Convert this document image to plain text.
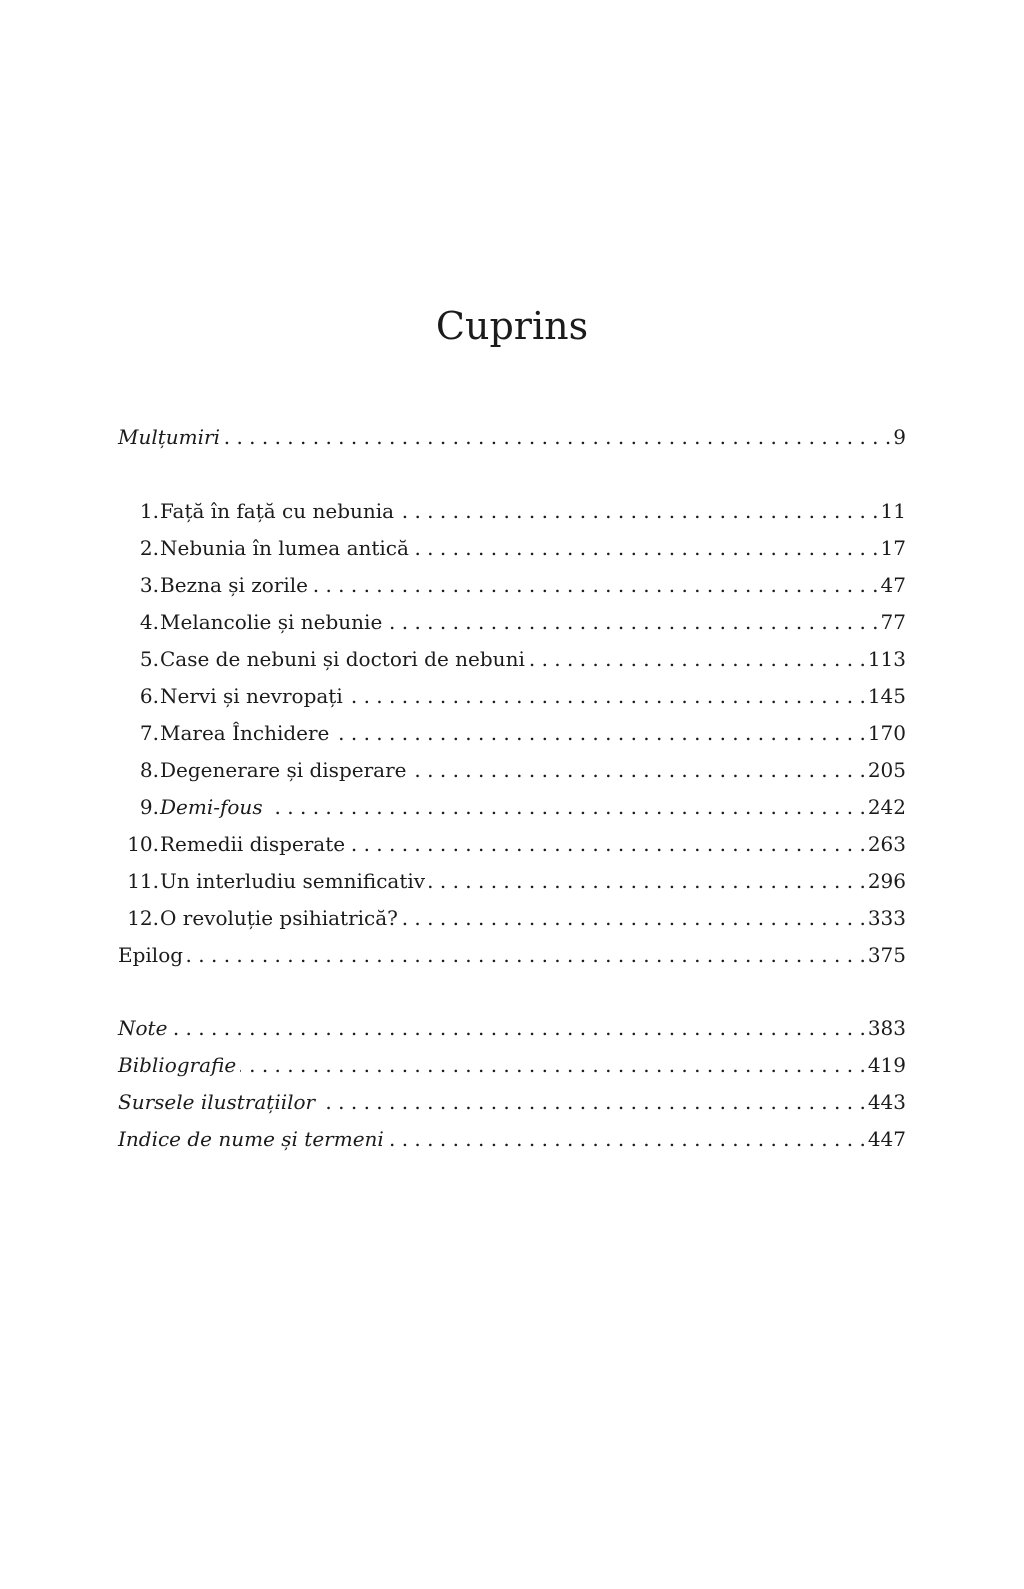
Cuprins
Mulțumiri . . .	9
1. Față în față cu nebunia . . .	11
2. Nebunia în lumea antică . . .	17
3. Bezna și zorile . . .	47
4. Melancolie și nebunie . . .	77
5. Case de nebuni și doctori de nebuni . . .	113
6. Nervi și nevropați . . .	145
7. Marea Închidere . . .	170
8. Degenerare și disperare . . .	205
9. Demi-fous . . .	242
10. Remedii disperate . . .	263
11. Un interludiu semnificativ . . .	296
12. O revoluție psihiatrică? . . .	333
Epilog . . .	375
Note . . .	383
Bibliografie . . .	419
Sursele ilustrațiilor . . .	443
Indice de nume și termeni . . .	447
